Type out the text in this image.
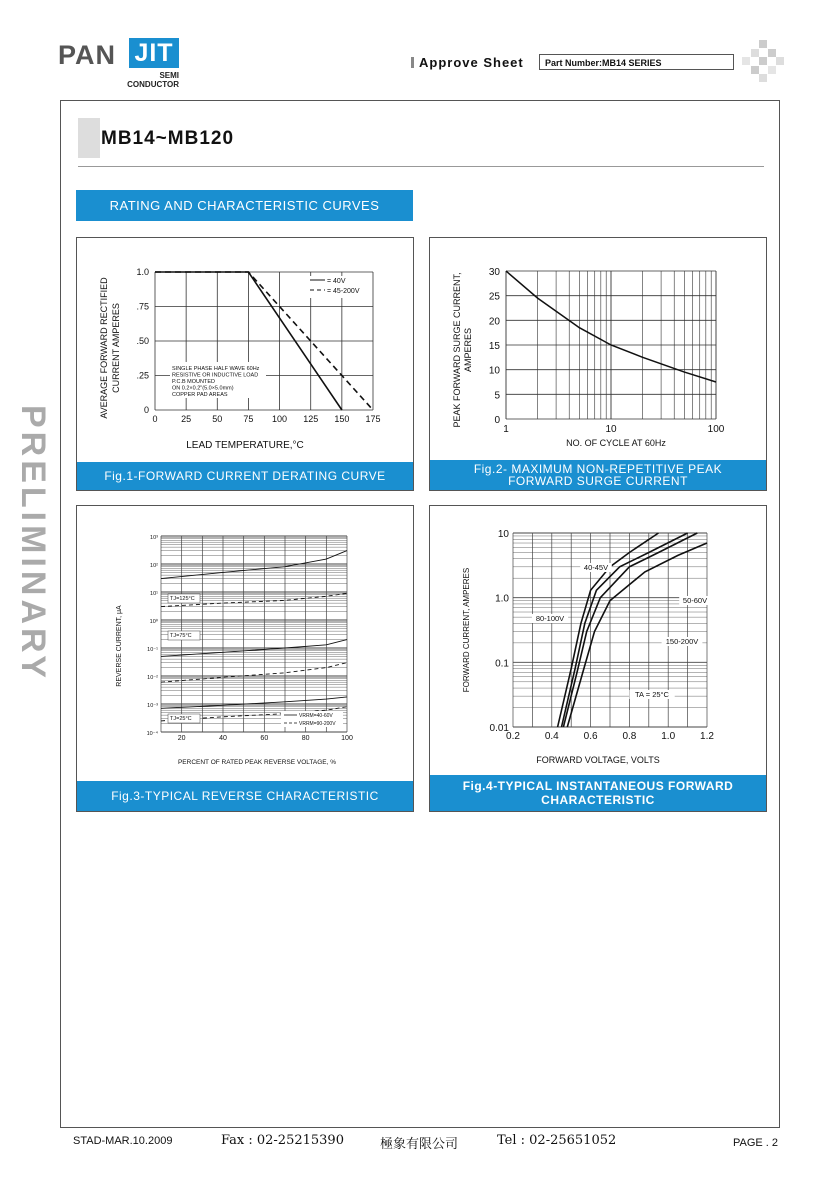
PAN JIT
SEMI
CONDUCTOR
Approve Sheet	Part Number:MB14 SERIES
MB14~MB120
RATING AND CHARACTERISTIC CURVES
PRELIMINARY
1.0
.75
.50
.25
0
0	25 50 75 100 125 150 175
LEAD TEMPERATURE,°C
AVERAGE FORWARD RECTIFIED CURRENT AMPERES
= 40V
= 45-200V
SINGLE PHASE HALF WAVE 60Hz
RESISTIVE OR INDUCTIVE LOAD
P.C.B MOUNTED
ON 0.2×0.2"(5.0×5.0mm)
COPPER PAD AREAS
Fig.1-FORWARD CURRENT DERATING CURVE
30
25
20
15
10
5
0
1	10	100
NO. OF CYCLE AT 60Hz
PEAK FORWARD SURGE CURRENT, AMPERES
Fig.2- MAXIMUM NON-REPETITIVE PEAK FORWARD SURGE CURRENT
10³
10²
10¹
10⁰
10⁻¹
10⁻²
10⁻³
10⁻⁴
20	40	60	80	100
PERCENT OF RATED PEAK REVERSE VOLTAGE, %
REVERSE CURRENT, μA
TJ=125°C
TJ=75°C
TJ=25°C	VRRM=40-60V
VRRM=90-200V
Fig.3-TYPICAL REVERSE CHARACTERISTIC
10
1.0
0.1
0.01
0.2 0.4 0.6 0.8 1.0 1.2
FORWARD VOLTAGE, VOLTS
FORWARD CURRENT, AMPERES
40-45V
50-60V
80-100V
150-200V
TA = 25°C
Fig.4-TYPICAL INSTANTANEOUS FORWARD CHARACTERISTIC
STAD-MAR.10.2009	Fax : 02-25215390	極象有限公司	Tel : 02-25651052	PAGE . 2
